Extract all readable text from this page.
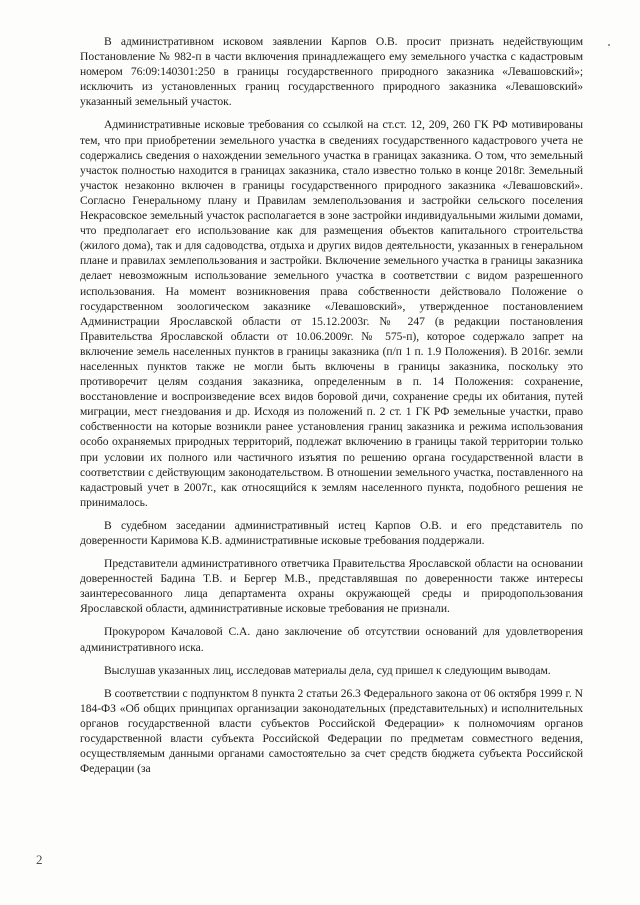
В административном исковом заявлении Карпов О.В. просит признать недействующим Постановление № 982-п в части включения принадлежащего ему земельного участка с кадастровым номером 76:09:140301:250 в границы государственного природного заказника «Левашовский»; исключить из установленных границ государственного природного заказника «Левашовский» указанный земельный участок.

Административные исковые требования со ссылкой на ст.ст. 12, 209, 260 ГК РФ мотивированы тем, что при приобретении земельного участка в сведениях государственного кадастрового учета не содержались сведения о нахождении земельного участка в границах заказника. О том, что земельный участок полностью находится в границах заказника, стало известно только в конце 2018г. Земельный участок незаконно включен в границы государственного природного заказника «Левашовский». Согласно Генеральному плану и Правилам землепользования и застройки сельского поселения Некрасовское земельный участок располагается в зоне застройки индивидуальными жилыми домами, что предполагает его использование как для размещения объектов капитального строительства (жилого дома), так и для садоводства, отдыха и других видов деятельности, указанных в генеральном плане и правилах землепользования и застройки. Включение земельного участка в границы заказника делает невозможным использование земельного участка в соответствии с видом разрешенного использования. На момент возникновения права собственности действовало Положение о государственном зоологическом заказнике «Левашовский», утвержденное постановлением Администрации Ярославской области от 15.12.2003г. № 247 (в редакции постановления Правительства Ярославской области от 10.06.2009г. № 575-п), которое содержало запрет на включение земель населенных пунктов в границы заказника (п/п 1 п. 1.9 Положения). В 2016г. земли населенных пунктов также не могли быть включены в границы заказника, поскольку это противоречит целям создания заказника, определенным в п. 14 Положения: сохранение, восстановление и воспроизведение всех видов боровой дичи, сохранение среды их обитания, путей миграции, мест гнездования и др. Исходя из положений п. 2 ст. 1 ГК РФ земельные участки, право собственности на которые возникли ранее установления границ заказника и режима использования особо охраняемых природных территорий, подлежат включению в границы такой территории только при условии их полного или частичного изъятия по решению органа государственной власти в соответствии с действующим законодательством. В отношении земельного участка, поставленного на кадастровый учет в 2007г., как относящийся к землям населенного пункта, подобного решения не принималось.

В судебном заседании административный истец Карпов О.В. и его представитель по доверенности Каримова К.В. административные исковые требования поддержали.

Представители административного ответчика Правительства Ярославской области на основании доверенностей Бадина Т.В. и Бергер М.В., представлявшая по доверенности также интересы заинтересованного лица департамента охраны окружающей среды и природопользования Ярославской области, административные исковые требования не признали.

Прокурором Качаловой С.А. дано заключение об отсутствии оснований для удовлетворения административного иска.

Выслушав указанных лиц, исследовав материалы дела, суд пришел к следующим выводам.

В соответствии с подпунктом 8 пункта 2 статьи 26.3 Федерального закона от 06 октября 1999 г. N 184-ФЗ «Об общих принципах организации законодательных (представительных) и исполнительных органов государственной власти субъектов Российской Федерации» к полномочиям органов государственной власти субъекта Российской Федерации по предметам совместного ведения, осуществляемым данными органами самостоятельно за счет средств бюджета субъекта Российской Федерации (за

2
